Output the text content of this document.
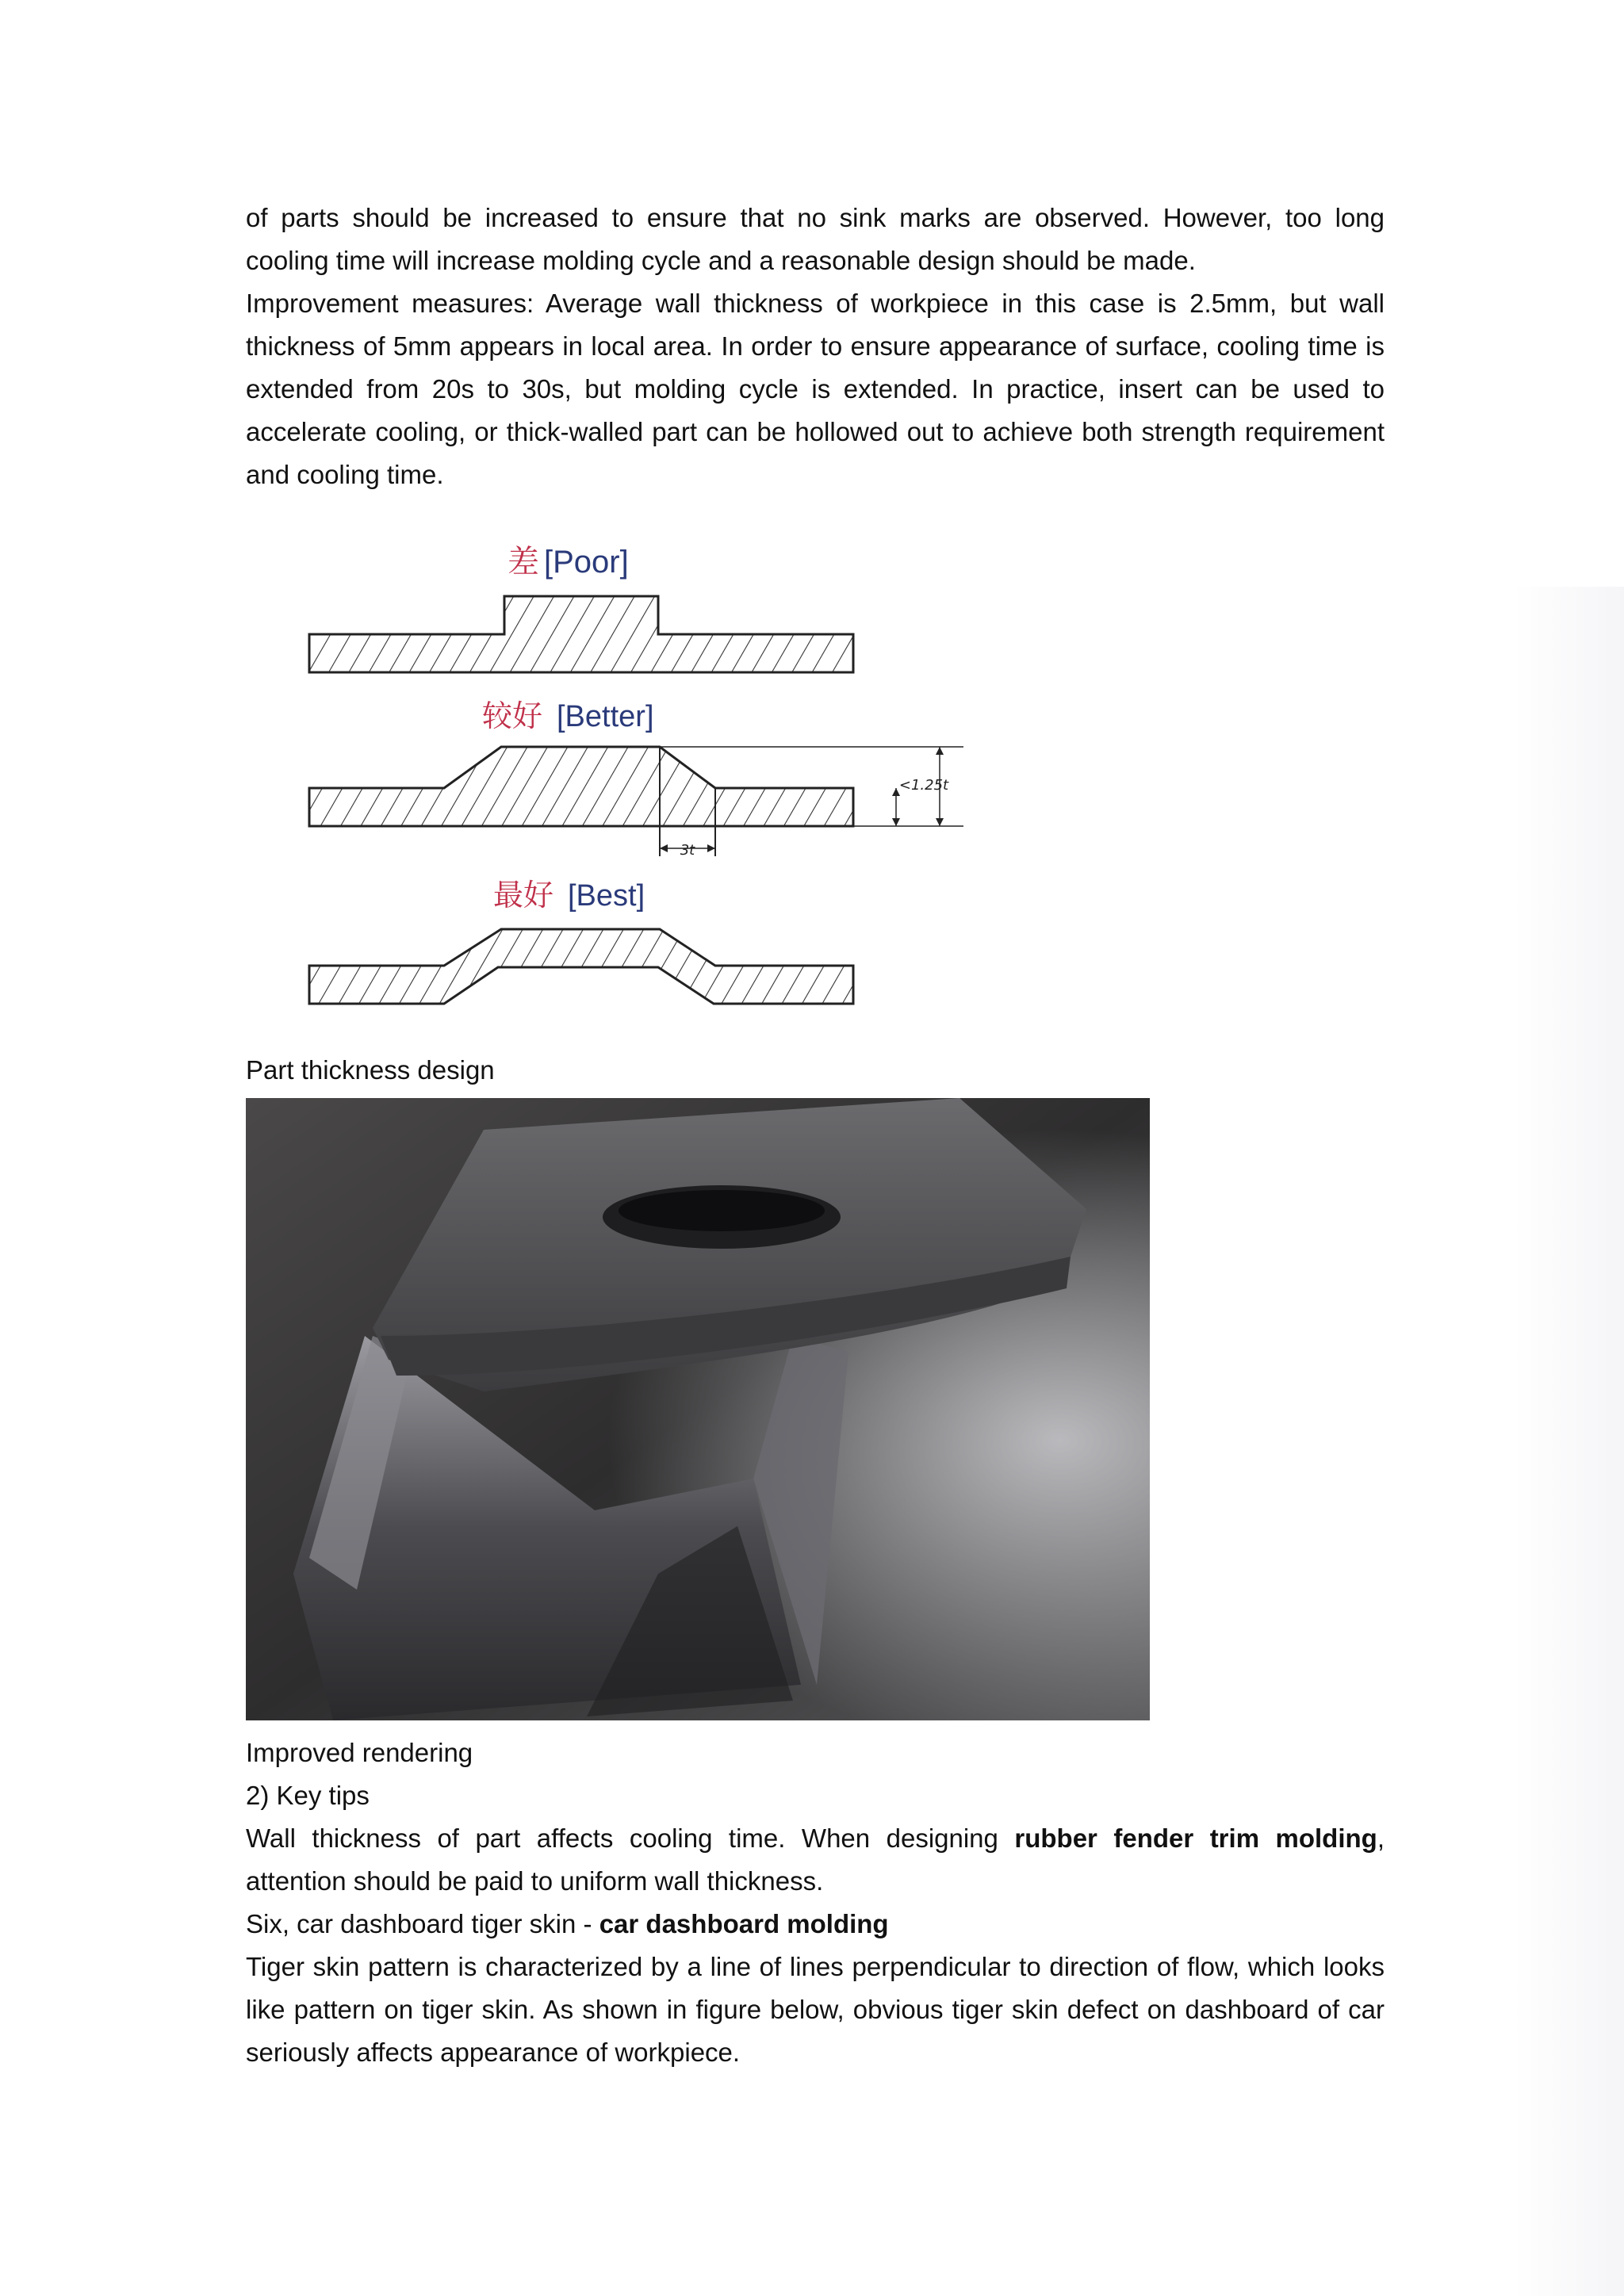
of parts should be increased to ensure that no sink marks are observed. However, too long cooling time will increase molding cycle and a reasonable design should be made.

Improvement measures: Average wall thickness of workpiece in this case is 2.5mm, but wall thickness of 5mm appears in local area. In order to ensure appearance of surface, cooling time is extended from 20s to 30s, but molding cycle is extended. In practice, insert can be used to accelerate cooling, or thick-walled part can be hollowed out to achieve both strength requirement and cooling time.

差 [Poor]
较好 [Better]
<1.25t
3t
最好 [Best]
Part thickness design
Improved rendering

2) Key tips

Wall thickness of part affects cooling time. When designing rubber fender trim molding, attention should be paid to uniform wall thickness.

Six, car dashboard tiger skin - car dashboard molding

Tiger skin pattern is characterized by a line of lines perpendicular to direction of flow, which looks like pattern on tiger skin. As shown in figure below, obvious tiger skin defect on dashboard of car seriously affects appearance of workpiece.
